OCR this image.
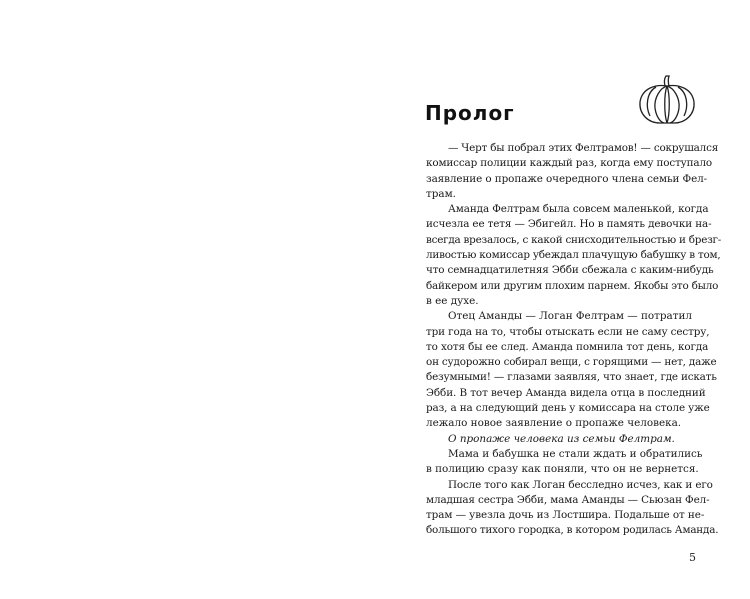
Пролог
— Черт бы побрал этих Фелтрамов! — сокрушался
комиссар полиции каждый раз, когда ему поступало
заявление о пропаже очередного члена семьи Фел-
трам.
Аманда Фелтрам была совсем маленькой, когда
исчезла ее тетя — Эбигейл. Но в память девочки на-
всегда врезалось, с какой снисходительностью и брезг-
ливостью комиссар убеждал плачущую бабушку в том,
что семнадцатилетняя Эбби сбежала с каким-нибудь
байкером или другим плохим парнем. Якобы это было
в ее духе.
Отец Аманды — Логан Фелтрам — потратил
три года на то, чтобы отыскать если не саму сестру,
то хотя бы ее след. Аманда помнила тот день, когда
он судорожно собирал вещи, с горящими — нет, даже
безумными! — глазами заявляя, что знает, где искать
Эбби. В тот вечер Аманда видела отца в последний
раз, а на следующий день у комиссара на столе уже
лежало новое заявление о пропаже человека.
О пропаже человека из семьи Фелтрам.
Мама и бабушка не стали ждать и обратились
в полицию сразу как поняли, что он не вернется.
После того как Логан бесследно исчез, как и его
младшая сестра Эбби, мама Аманды — Сьюзан Фел-
трам — увезла дочь из Лостшира. Подальше от не-
большого тихого городка, в котором родилась Аманда.
5
